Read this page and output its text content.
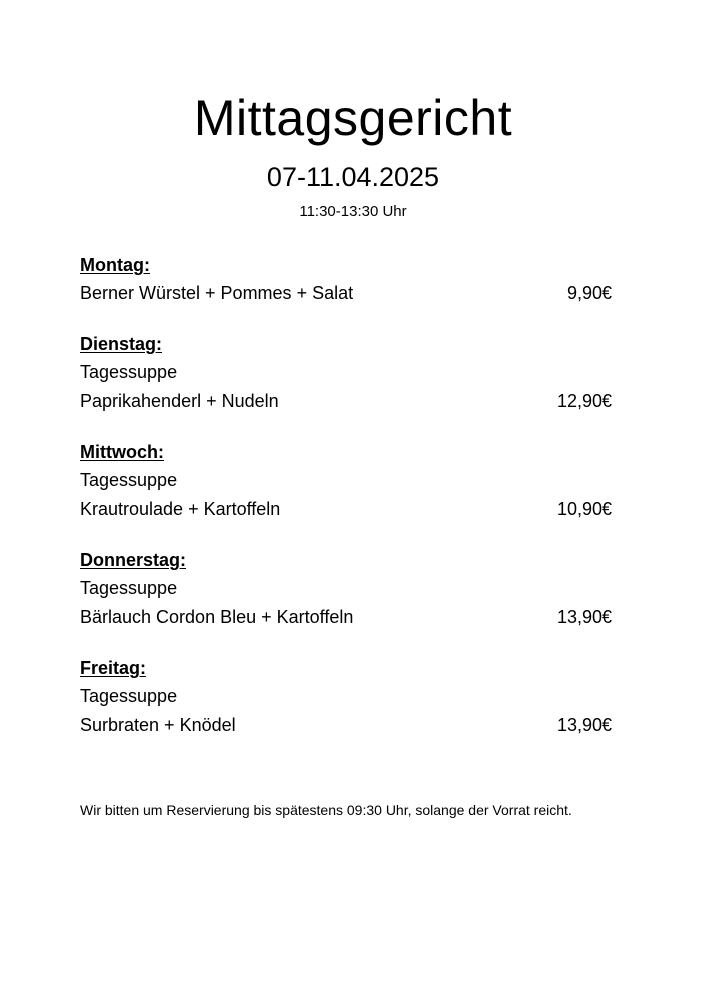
Mittagsgericht
07-11.04.2025
11:30-13:30 Uhr
Montag:
Berner Würstel + Pommes + Salat	9,90€
Dienstag:
Tagessuppe
Paprikahenderl + Nudeln	12,90€
Mittwoch:
Tagessuppe
Krautroulade + Kartoffeln	10,90€
Donnerstag:
Tagessuppe
Bärlauch Cordon Bleu + Kartoffeln	13,90€
Freitag:
Tagessuppe
Surbraten + Knödel	13,90€
Wir bitten um Reservierung bis spätestens 09:30 Uhr, solange der Vorrat reicht.
